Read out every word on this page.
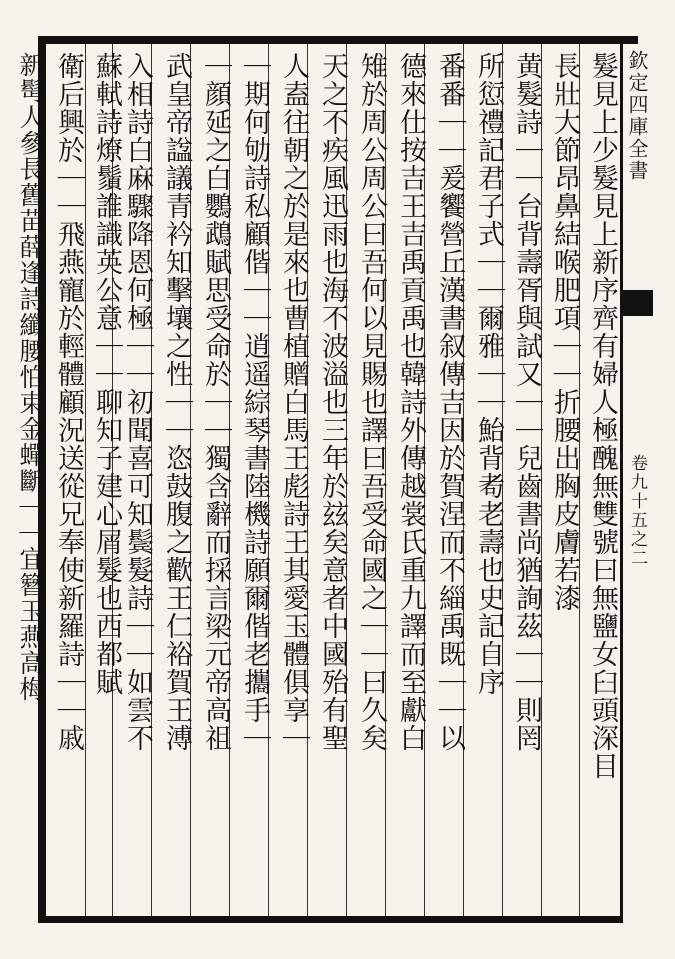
欽定四庫全書
卷九十五之二
髮見上少髮見上新序齊有婦人極醜無雙號曰無鹽女臼頭深目
長壯大節昂鼻結喉肥項｜｜折腰出胸皮膚若漆
黄髮詩｜｜台背壽胥與試又｜｜兒齒書尚猶詢茲｜｜則罔
所愆禮記君子式｜｜爾雅｜｜鮐背耇老壽也史記自序
番番｜｜爰饗營丘漢書叙傳吉因於賀涅而不緇禹既｜｜以
德來仕按吉王吉禹貢禹也韓詩外傳越裳氏重九譯而至獻白
雉於周公周公曰吾何以見賜也譯曰吾受命國之｜｜曰久矣
天之不疾風迅雨也海不波溢也三年於玆矣意者中國殆有聖
人盍往朝之於是來也曹植贈白馬王彪詩王其愛玉體俱享｜
｜期何劬詩私顧偕｜｜逍遥綜琴書陸機詩願爾偕老攜手｜
｜顔延之白鸚鵡賦思受命於｜｜獨含辭而採言梁元帝高祖
武皇帝諡議青衿知擊壤之性｜｜恣鼓腹之歡王仁裕賀王溥
入相詩白麻驟降恩何極｜｜初聞喜可知鬓髮詩｜｜如雲不
蘇軾詩燎鬚誰識英公意｜｜聊知子建心屑髮也西都賦
衛后興於｜｜飛燕寵於輕體顧況送從兄奉使新羅詩｜｜戚
新髩人參長舊苗薛逢詩纖腰怕束金蟬斷｜｜宜簪玉燕高梅
